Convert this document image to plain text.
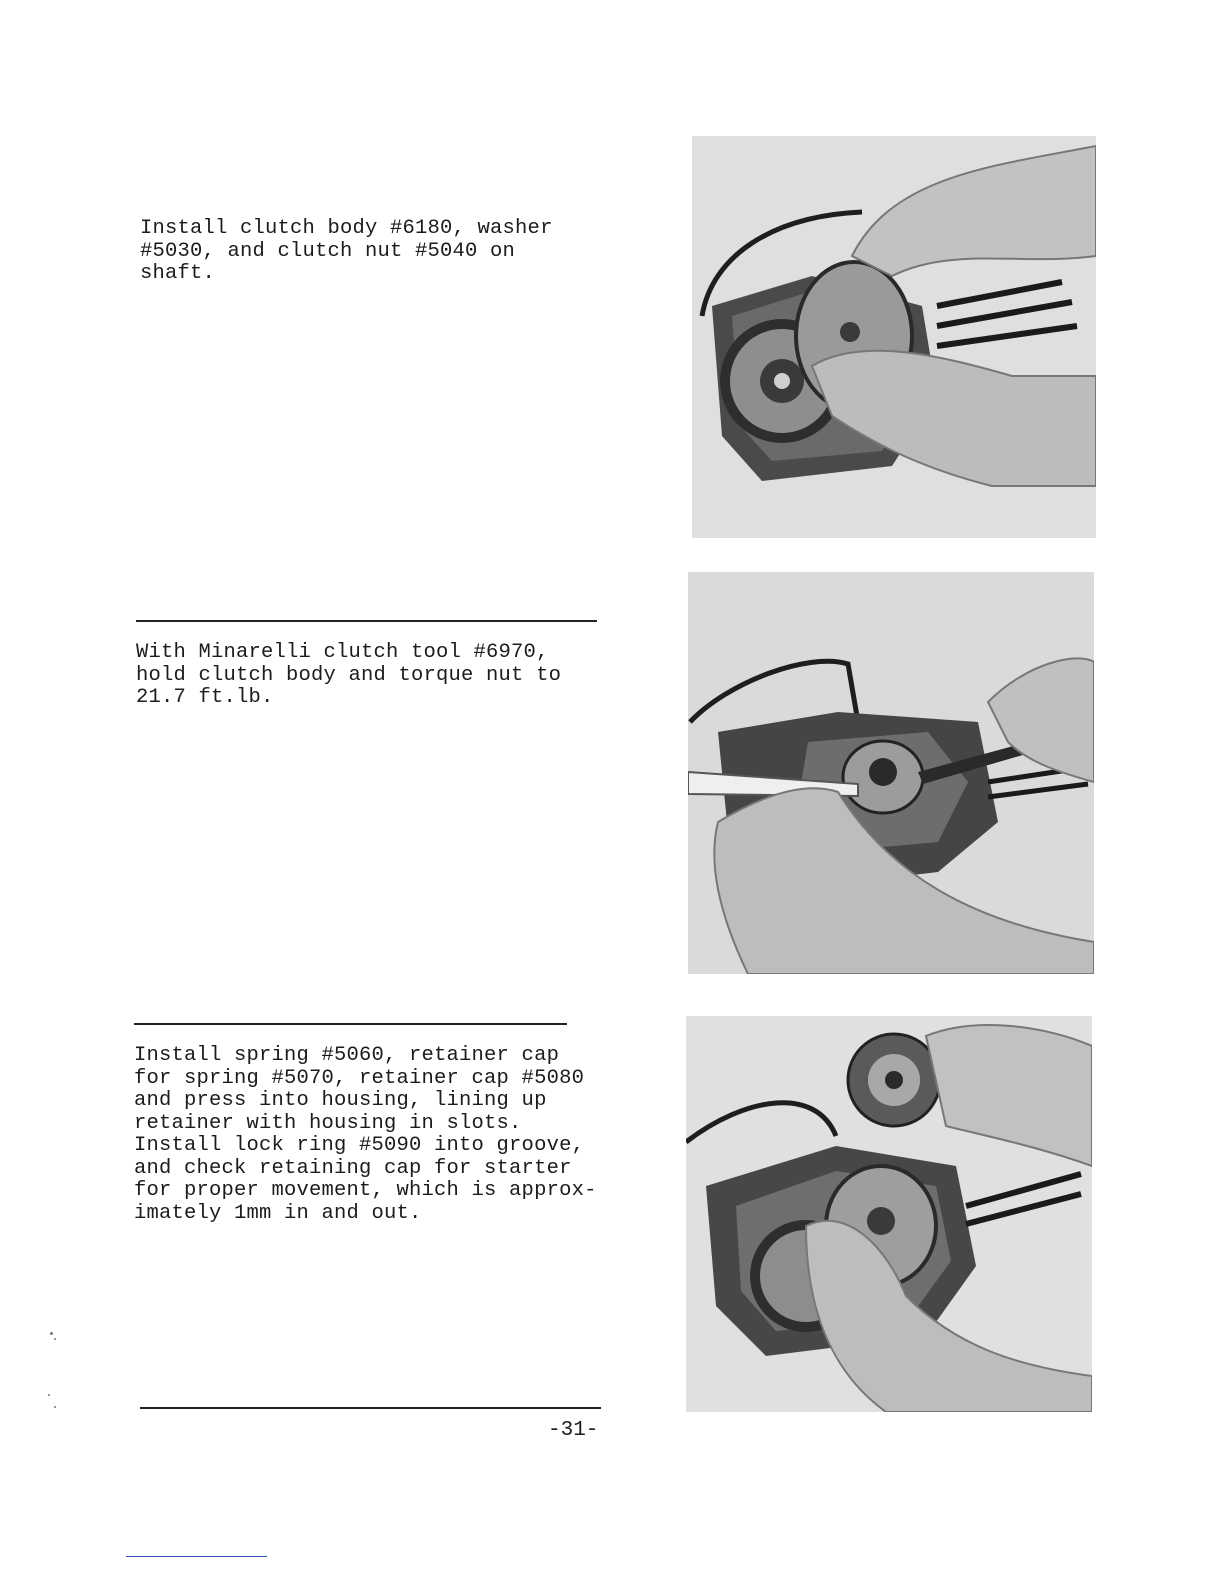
Install clutch body #6180, washer
#5030, and clutch nut #5040 on
shaft.

With Minarelli clutch tool #6970,
hold clutch body and torque nut to
21.7 ft.lb.

Install spring #5060, retainer cap
for spring #5070, retainer cap #5080
and press into housing, lining up
retainer with housing in slots.
Install lock ring #5090 into groove,
and check retaining cap for starter
for proper movement, which is approx-
imately 1mm in and out.

-31-
